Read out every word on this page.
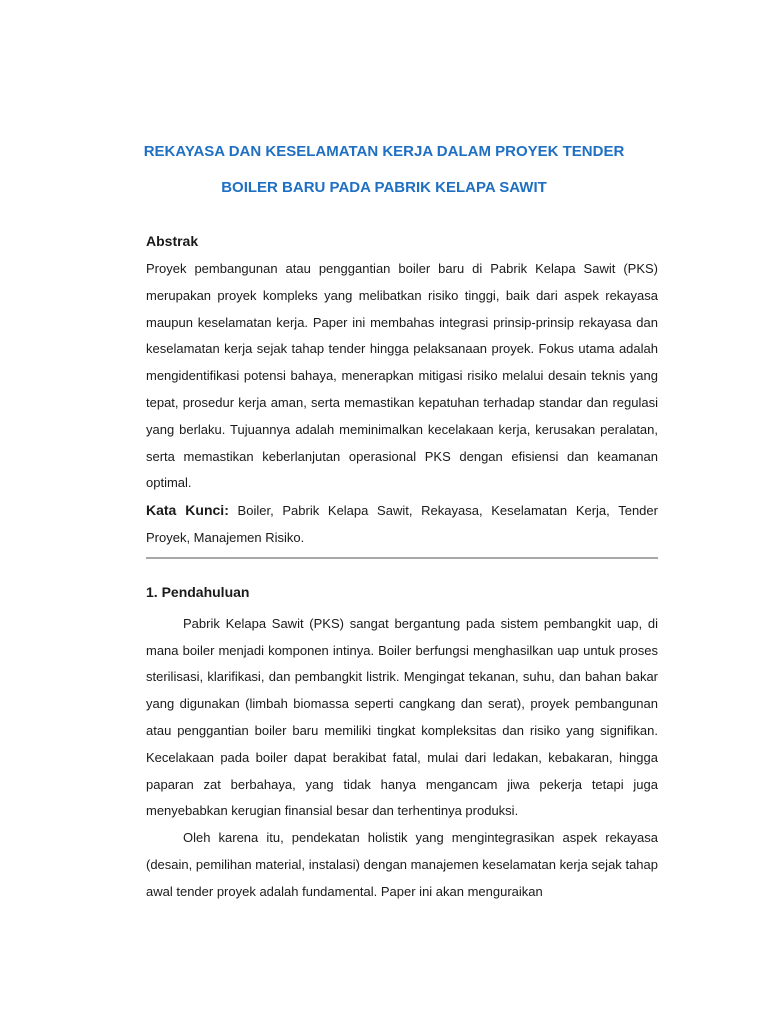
REKAYASA DAN KESELAMATAN KERJA DALAM PROYEK TENDER
BOILER BARU PADA PABRIK KELAPA SAWIT
Abstrak

Proyek pembangunan atau penggantian boiler baru di Pabrik Kelapa Sawit (PKS) merupakan proyek kompleks yang melibatkan risiko tinggi, baik dari aspek rekayasa maupun keselamatan kerja. Paper ini membahas integrasi prinsip-prinsip rekayasa dan keselamatan kerja sejak tahap tender hingga pelaksanaan proyek. Fokus utama adalah mengidentifikasi potensi bahaya, menerapkan mitigasi risiko melalui desain teknis yang tepat, prosedur kerja aman, serta memastikan kepatuhan terhadap standar dan regulasi yang berlaku. Tujuannya adalah meminimalkan kecelakaan kerja, kerusakan peralatan, serta memastikan keberlanjutan operasional PKS dengan efisiensi dan keamanan optimal.

Kata Kunci: Boiler, Pabrik Kelapa Sawit, Rekayasa, Keselamatan Kerja, Tender Proyek, Manajemen Risiko.

1. Pendahuluan

Pabrik Kelapa Sawit (PKS) sangat bergantung pada sistem pembangkit uap, di mana boiler menjadi komponen intinya. Boiler berfungsi menghasilkan uap untuk proses sterilisasi, klarifikasi, dan pembangkit listrik. Mengingat tekanan, suhu, dan bahan bakar yang digunakan (limbah biomassa seperti cangkang dan serat), proyek pembangunan atau penggantian boiler baru memiliki tingkat kompleksitas dan risiko yang signifikan. Kecelakaan pada boiler dapat berakibat fatal, mulai dari ledakan, kebakaran, hingga paparan zat berbahaya, yang tidak hanya mengancam jiwa pekerja tetapi juga menyebabkan kerugian finansial besar dan terhentinya produksi.

Oleh karena itu, pendekatan holistik yang mengintegrasikan aspek rekayasa (desain, pemilihan material, instalasi) dengan manajemen keselamatan kerja sejak tahap awal tender proyek adalah fundamental. Paper ini akan menguraikan
